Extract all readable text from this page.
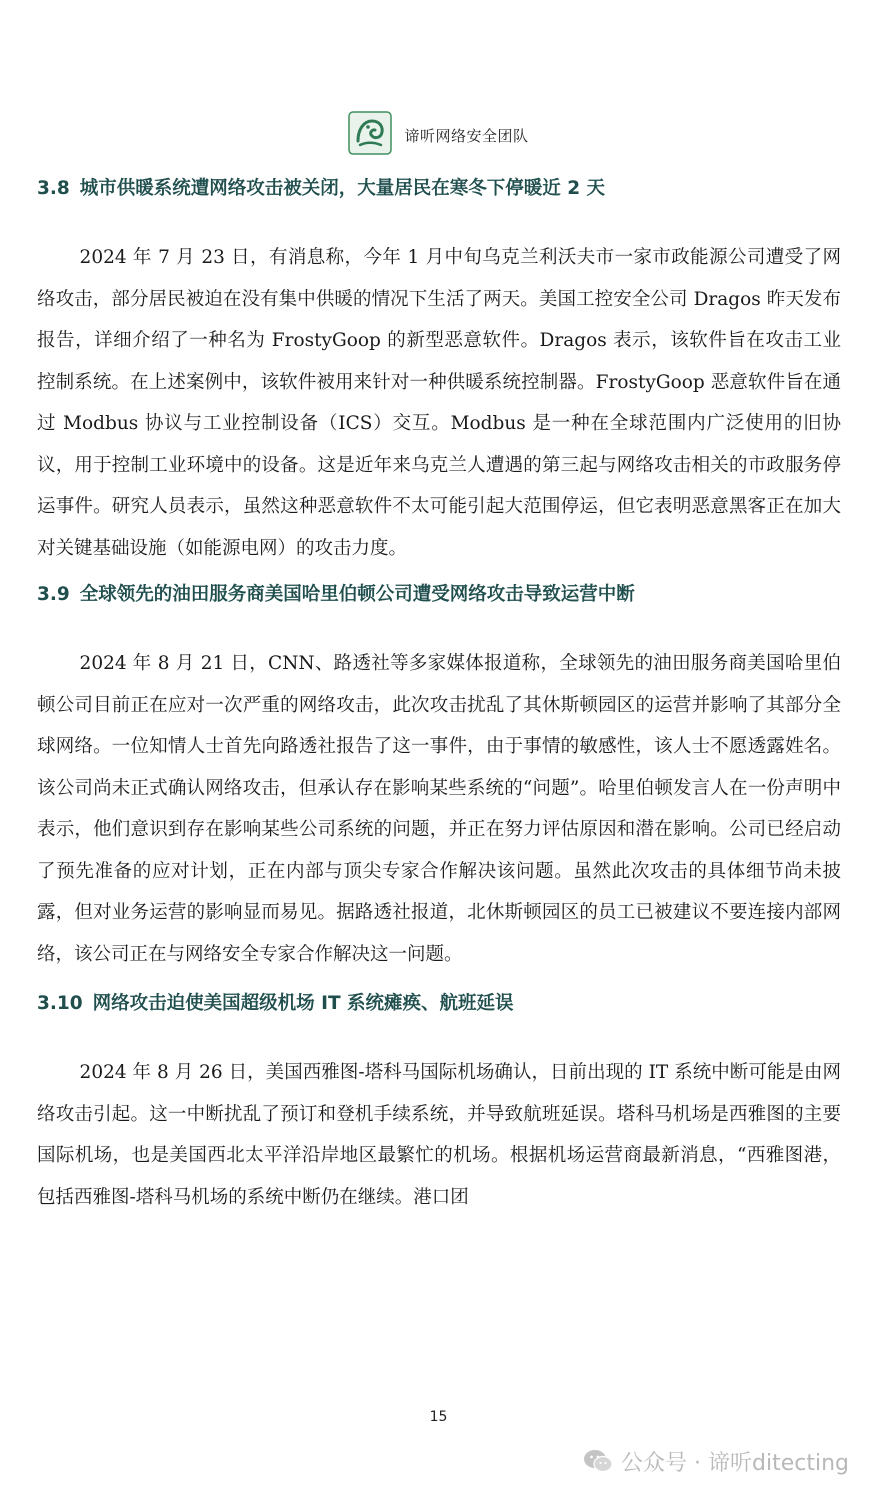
谛听网络安全团队
3.8 城市供暖系统遭网络攻击被关闭，大量居民在寒冬下停暖近 2 天

2024 年 7 月 23 日，有消息称，今年 1 月中旬乌克兰利沃夫市一家市政能源公司遭受了网络攻击，部分居民被迫在没有集中供暖的情况下生活了两天。美国工控安全公司 Dragos 昨天发布报告，详细介绍了一种名为 FrostyGoop 的新型恶意软件。Dragos 表示，该软件旨在攻击工业控制系统。在上述案例中，该软件被用来针对一种供暖系统控制器。FrostyGoop 恶意软件旨在通过 Modbus 协议与工业控制设备（ICS）交互。Modbus 是一种在全球范围内广泛使用的旧协议，用于控制工业环境中的设备。这是近年来乌克兰人遭遇的第三起与网络攻击相关的市政服务停运事件。研究人员表示，虽然这种恶意软件不太可能引起大范围停运，但它表明恶意黑客正在加大对关键基础设施（如能源电网）的攻击力度。

3.9 全球领先的油田服务商美国哈里伯顿公司遭受网络攻击导致运营中断

2024 年 8 月 21 日，CNN、路透社等多家媒体报道称，全球领先的油田服务商美国哈里伯顿公司目前正在应对一次严重的网络攻击，此次攻击扰乱了其休斯顿园区的运营并影响了其部分全球网络。一位知情人士首先向路透社报告了这一事件，由于事情的敏感性，该人士不愿透露姓名。该公司尚未正式确认网络攻击，但承认存在影响某些系统的“问题”。哈里伯顿发言人在一份声明中表示，他们意识到存在影响某些公司系统的问题，并正在努力评估原因和潜在影响。公司已经启动了预先准备的应对计划，正在内部与顶尖专家合作解决该问题。虽然此次攻击的具体细节尚未披露，但对业务运营的影响显而易见。据路透社报道，北休斯顿园区的员工已被建议不要连接内部网络，该公司正在与网络安全专家合作解决这一问题。

3.10 网络攻击迫使美国超级机场 IT 系统瘫痪、航班延误

2024 年 8 月 26 日，美国西雅图-塔科马国际机场确认，日前出现的 IT 系统中断可能是由网络攻击引起。这一中断扰乱了预订和登机手续系统，并导致航班延误。塔科马机场是西雅图的主要国际机场，也是美国西北太平洋沿岸地区最繁忙的机场。根据机场运营商最新消息，“西雅图港，包括西雅图-塔科马机场的系统中断仍在继续。港口团

15
公众号 · 谛听ditecting
